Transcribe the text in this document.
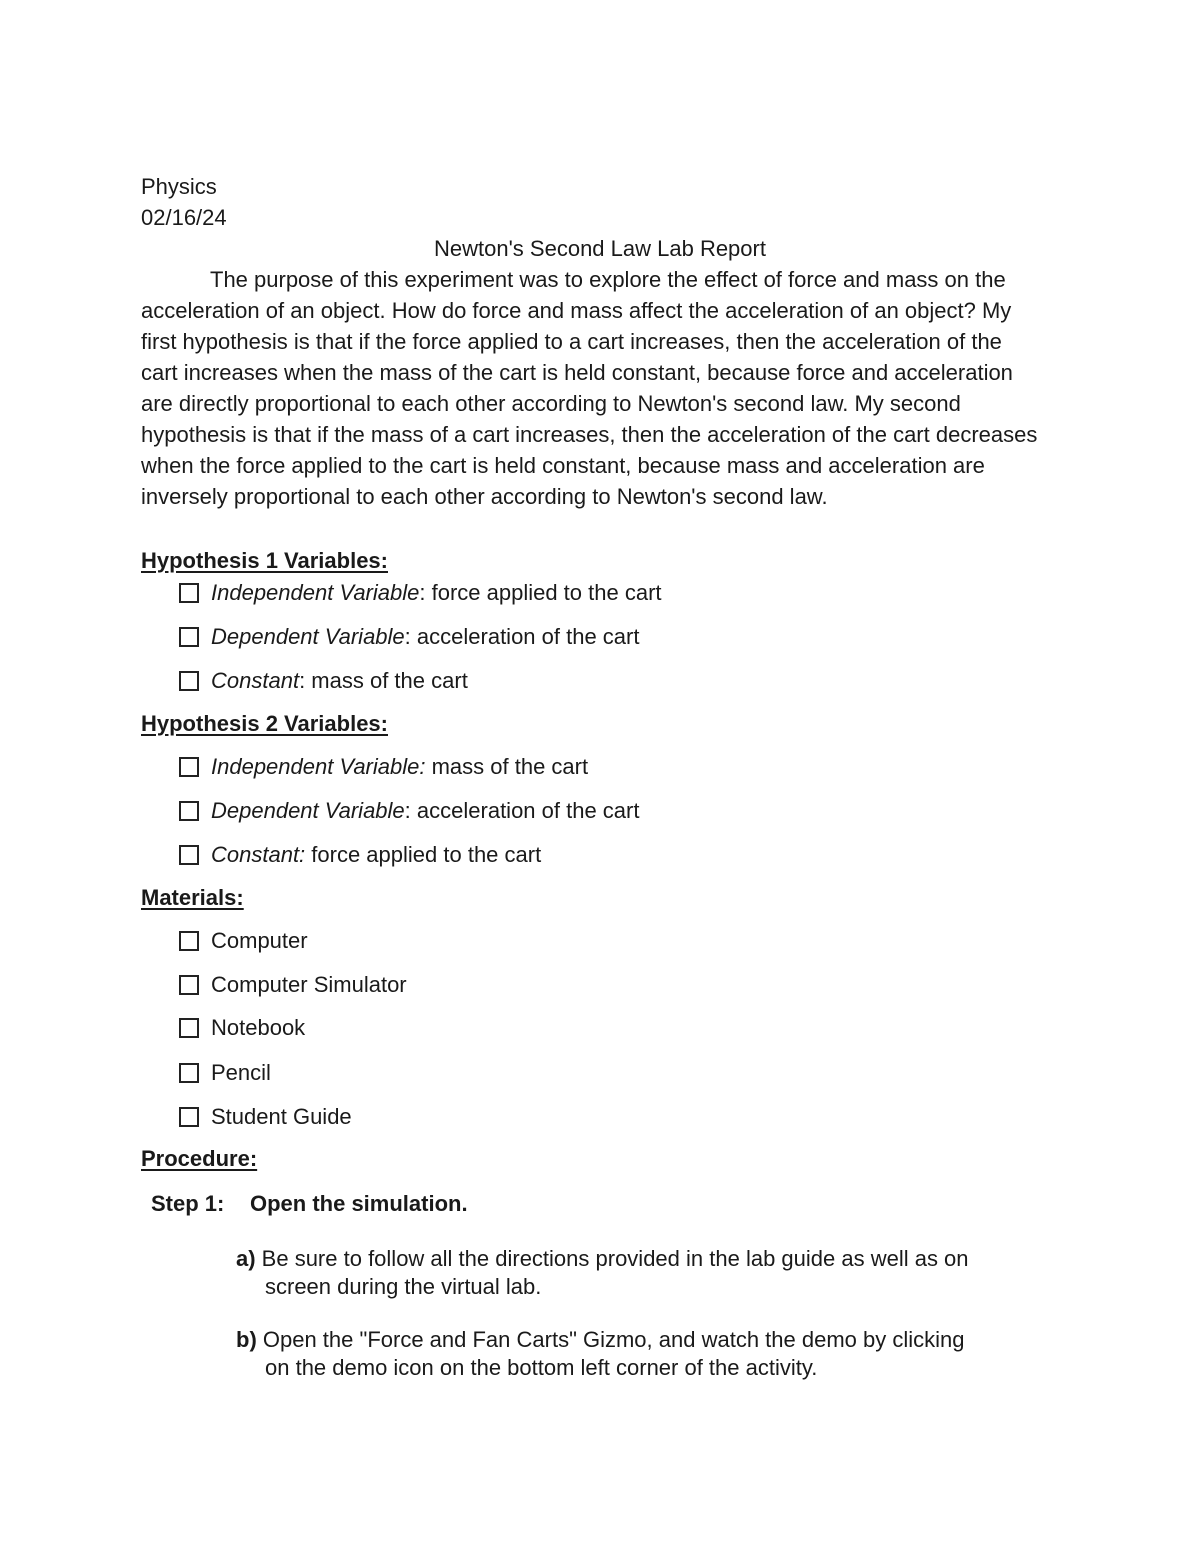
Physics
02/16/24
Newton's Second Law Lab Report

The purpose of this experiment was to explore the effect of force and mass on the acceleration of an object. How do force and mass affect the acceleration of an object? My first hypothesis is that if the force applied to a cart increases, then the acceleration of the cart increases when the mass of the cart is held constant, because force and acceleration are directly proportional to each other according to Newton's second law. My second hypothesis is that if the mass of a cart increases, then the acceleration of the cart decreases when the force applied to the cart is held constant, because mass and acceleration are inversely proportional to each other according to Newton's second law.

Hypothesis 1 Variables:
Independent Variable : force applied to the cart
Dependent Variable : acceleration of the cart
Constant : mass of the cart
Hypothesis 2 Variables:
Independent Variable: mass of the cart
Dependent Variable : acceleration of the cart
Constant: force applied to the cart
Materials:
Computer
Computer Simulator
Notebook
Pencil
Student Guide
Procedure:
Step 1: Open the simulation.
a) Be sure to follow all the directions provided in the lab guide as well as on
screen during the virtual lab.
b) Open the "Force and Fan Carts" Gizmo, and watch the demo by clicking
on the demo icon on the bottom left corner of the activity.
